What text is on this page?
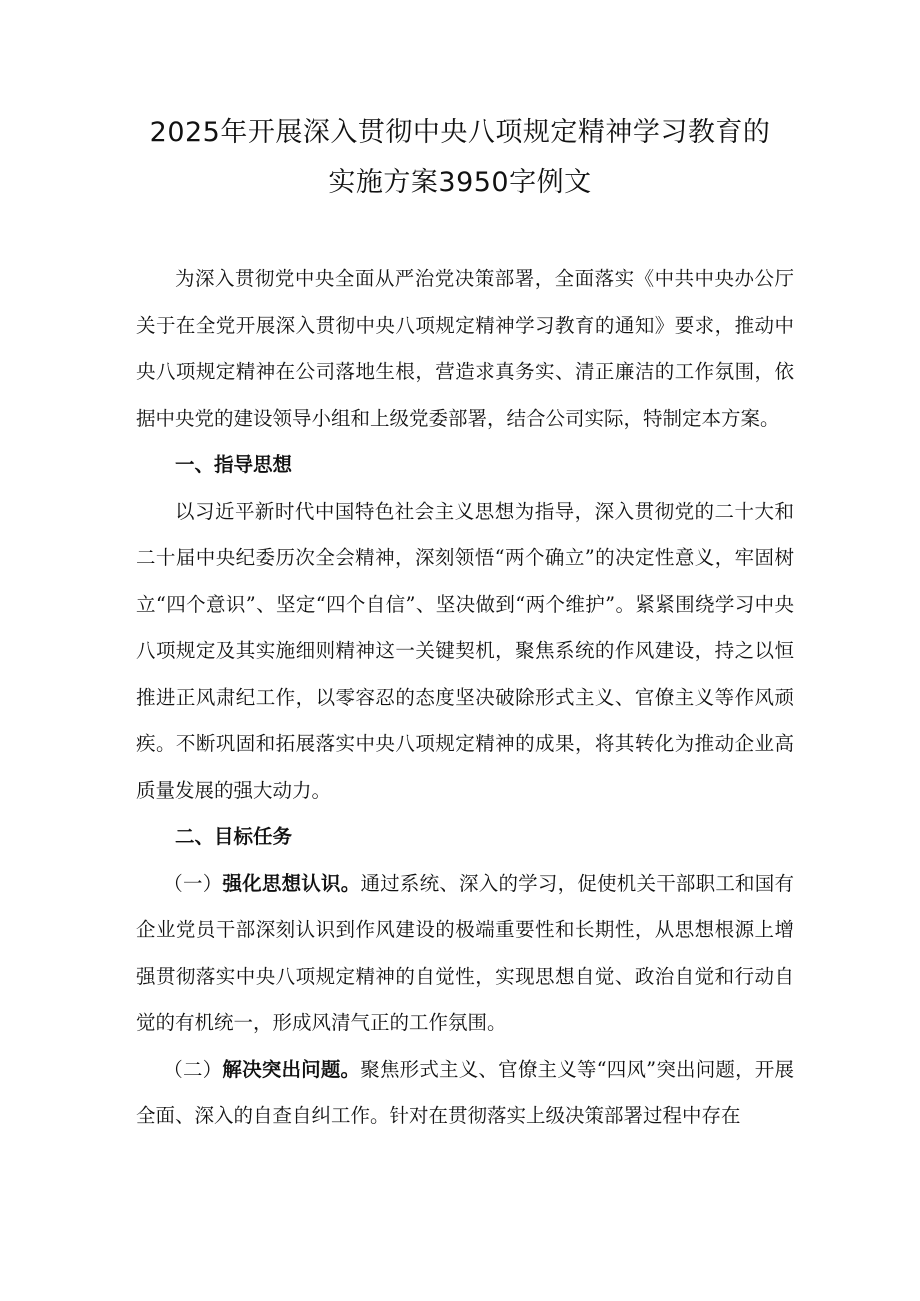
2025年开展深入贯彻中央八项规定精神学习教育的
实施方案3950字例文

为深入贯彻党中央全面从严治党决策部署，全面落实《中共中央办公厅关于在全党开展深入贯彻中央八项规定精神学习教育的通知》要求，推动中央八项规定精神在公司落地生根，营造求真务实、清正廉洁的工作氛围，依据中央党的建设领导小组和上级党委部署，结合公司实际，特制定本方案。

一、指导思想

以习近平新时代中国特色社会主义思想为指导，深入贯彻党的二十大和二十届中央纪委历次全会精神，深刻领悟“两个确立”的决定性意义，牢固树立“四个意识”、坚定“四个自信”、坚决做到“两个维护”。紧紧围绕学习中央八项规定及其实施细则精神这一关键契机，聚焦系统的作风建设，持之以恒推进正风肃纪工作，以零容忍的态度坚决破除形式主义、官僚主义等作风顽疾。不断巩固和拓展落实中央八项规定精神的成果，将其转化为推动企业高质量发展的强大动力。

二、目标任务

（一）强化思想认识。通过系统、深入的学习，促使机关干部职工和国有企业党员干部深刻认识到作风建设的极端重要性和长期性，从思想根源上增强贯彻落实中央八项规定精神的自觉性，实现思想自觉、政治自觉和行动自觉的有机统一，形成风清气正的工作氛围。

（二）解决突出问题。聚焦形式主义、官僚主义等“四风”突出问题，开展全面、深入的自查自纠工作。针对在贯彻落实上级决策部署过程中存在
